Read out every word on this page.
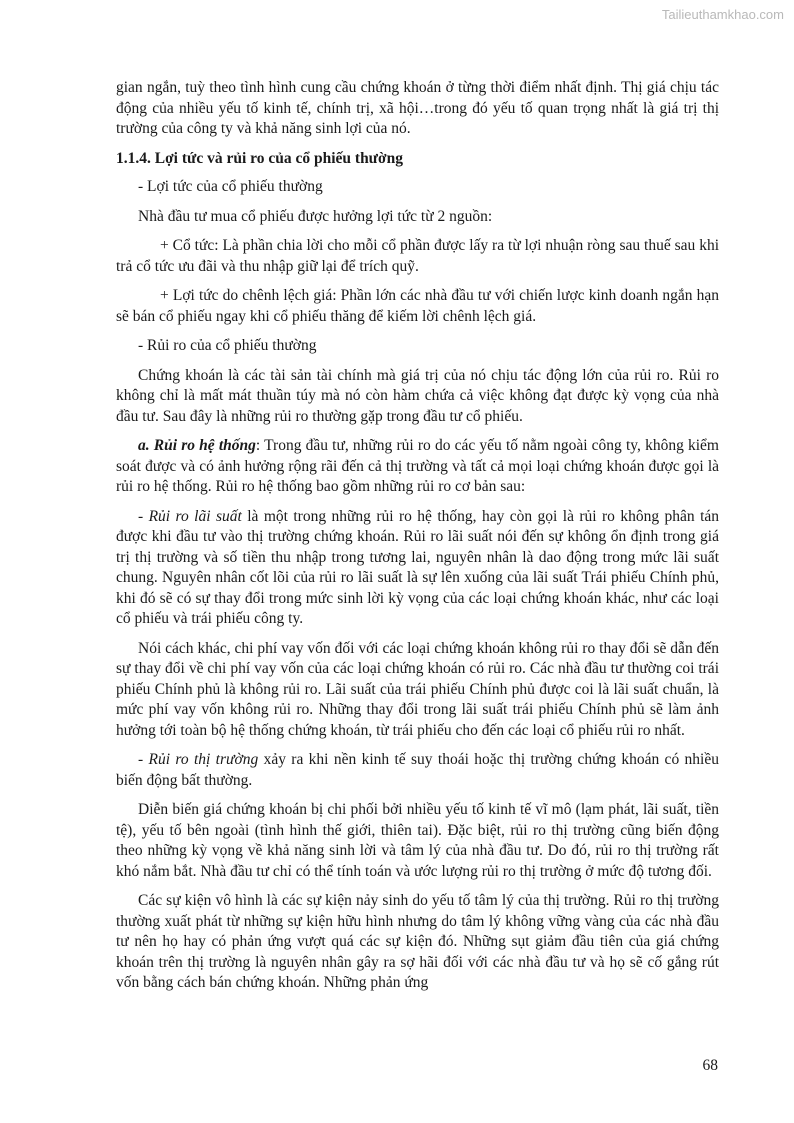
Tailieuthamkhao.com

gian ngắn, tuỳ theo tình hình cung cầu chứng khoán ở từng thời điểm nhất định. Thị giá chịu tác động của nhiều yếu tố kinh tế, chính trị, xã hội…trong đó yếu tố quan trọng nhất là giá trị thị trường của công ty và khả năng sinh lợi của nó.

1.1.4. Lợi tức và rủi ro của cổ phiếu thường

- Lợi tức của cổ phiếu thường

Nhà đầu tư mua cổ phiếu được hưởng lợi tức từ 2 nguồn:

+ Cổ tức: Là phần chia lời cho mỗi cổ phần được lấy ra từ lợi nhuận ròng sau thuế sau khi trả cổ tức ưu đãi và thu nhập giữ lại để trích quỹ.

+ Lợi tức do chênh lệch giá: Phần lớn các nhà đầu tư với chiến lược kinh doanh ngắn hạn sẽ bán cổ phiếu ngay khi cổ phiếu thăng để kiếm lời chênh lệch giá.

- Rủi ro của cổ phiếu thường

Chứng khoán là các tài sản tài chính mà giá trị của nó chịu tác động lớn của rủi ro. Rủi ro không chỉ là mất mát thuần túy mà nó còn hàm chứa cả việc không đạt được kỳ vọng của nhà đầu tư. Sau đây là những rủi ro thường gặp trong đầu tư cổ phiếu.

a. Rủi ro hệ thống: Trong đầu tư, những rủi ro do các yếu tố nằm ngoài công ty, không kiểm soát được và có ảnh hưởng rộng rãi đến cả thị trường và tất cả mọi loại chứng khoán được gọi là rủi ro hệ thống. Rủi ro hệ thống bao gồm những rủi ro cơ bản sau:

- Rủi ro lãi suất là một trong những rủi ro hệ thống, hay còn gọi là rủi ro không phân tán được khi đầu tư vào thị trường chứng khoán. Rủi ro lãi suất nói đến sự không ổn định trong giá trị thị trường và số tiền thu nhập trong tương lai, nguyên nhân là dao động trong mức lãi suất chung. Nguyên nhân cốt lõi của rủi ro lãi suất là sự lên xuống của lãi suất Trái phiếu Chính phủ, khi đó sẽ có sự thay đổi trong mức sinh lời kỳ vọng của các loại chứng khoán khác, như các loại cổ phiếu và trái phiếu công ty.

Nói cách khác, chi phí vay vốn đối với các loại chứng khoán không rủi ro thay đổi sẽ dẫn đến sự thay đổi về chi phí vay vốn của các loại chứng khoán có rủi ro. Các nhà đầu tư thường coi trái phiếu Chính phủ là không rủi ro. Lãi suất của trái phiếu Chính phủ được coi là lãi suất chuẩn, là mức phí vay vốn không rủi ro. Những thay đổi trong lãi suất trái phiếu Chính phủ sẽ làm ảnh hưởng tới toàn bộ hệ thống chứng khoán, từ trái phiếu cho đến các loại cổ phiếu rủi ro nhất.

- Rủi ro thị trường xảy ra khi nền kinh tế suy thoái hoặc thị trường chứng khoán có nhiều biến động bất thường.

Diễn biến giá chứng khoán bị chi phối bởi nhiều yếu tố kinh tế vĩ mô (lạm phát, lãi suất, tiền tệ), yếu tố bên ngoài (tình hình thế giới, thiên tai). Đặc biệt, rủi ro thị trường cũng biến động theo những kỳ vọng về khả năng sinh lời và tâm lý của nhà đầu tư. Do đó, rủi ro thị trường rất khó nắm bắt. Nhà đầu tư chỉ có thể tính toán và ước lượng rủi ro thị trường ở mức độ tương đối.

Các sự kiện vô hình là các sự kiện nảy sinh do yếu tố tâm lý của thị trường. Rủi ro thị trường thường xuất phát từ những sự kiện hữu hình nhưng do tâm lý không vững vàng của các nhà đầu tư nên họ hay có phản ứng vượt quá các sự kiện đó. Những sụt giảm đầu tiên của giá chứng khoán trên thị trường là nguyên nhân gây ra sợ hãi đối với các nhà đầu tư và họ sẽ cố gắng rút vốn bằng cách bán chứng khoán. Những phản ứng

68
